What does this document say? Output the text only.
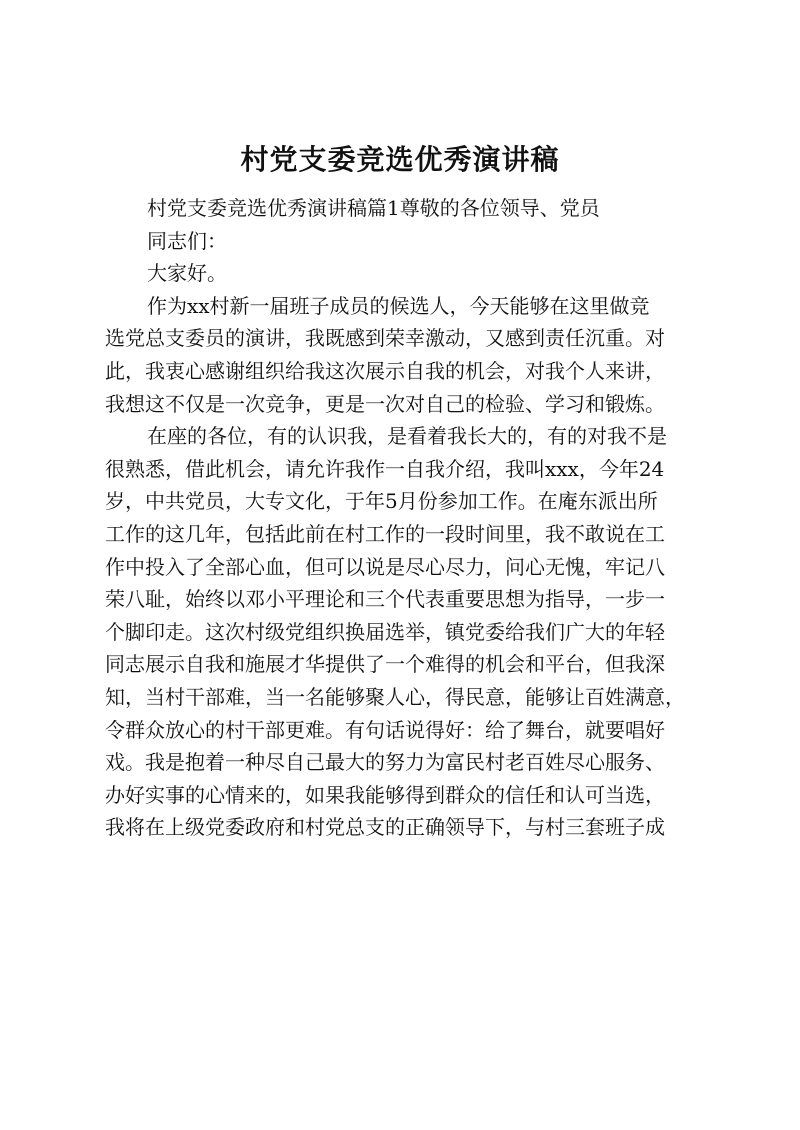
村党支委竞选优秀演讲稿
村党支委竞选优秀演讲稿篇1尊敬的各位领导、党员
同志们：
大家好。
作为xx村新一届班子成员的候选人，今天能够在这里做竞
选党总支委员的演讲，我既感到荣幸激动，又感到责任沉重。对
此，我衷心感谢组织给我这次展示自我的机会，对我个人来讲，
我想这不仅是一次竞争，更是一次对自己的检验、学习和锻炼。
在座的各位，有的认识我，是看着我长大的，有的对我不是
很熟悉，借此机会，请允许我作一自我介绍，我叫xxx，今年24
岁，中共党员，大专文化，于年5月份参加工作。在庵东派出所
工作的这几年，包括此前在村工作的一段时间里，我不敢说在工
作中投入了全部心血，但可以说是尽心尽力，问心无愧，牢记八
荣八耻，始终以邓小平理论和三个代表重要思想为指导，一步一
个脚印走。这次村级党组织换届选举，镇党委给我们广大的年轻
同志展示自我和施展才华提供了一个难得的机会和平台，但我深
知，当村干部难，当一名能够聚人心，得民意，能够让百姓满意，
令群众放心的村干部更难。有句话说得好：给了舞台，就要唱好
戏。我是抱着一种尽自己最大的努力为富民村老百姓尽心服务、
办好实事的心情来的，如果我能够得到群众的信任和认可当选，
我将在上级党委政府和村党总支的正确领导下，与村三套班子成
